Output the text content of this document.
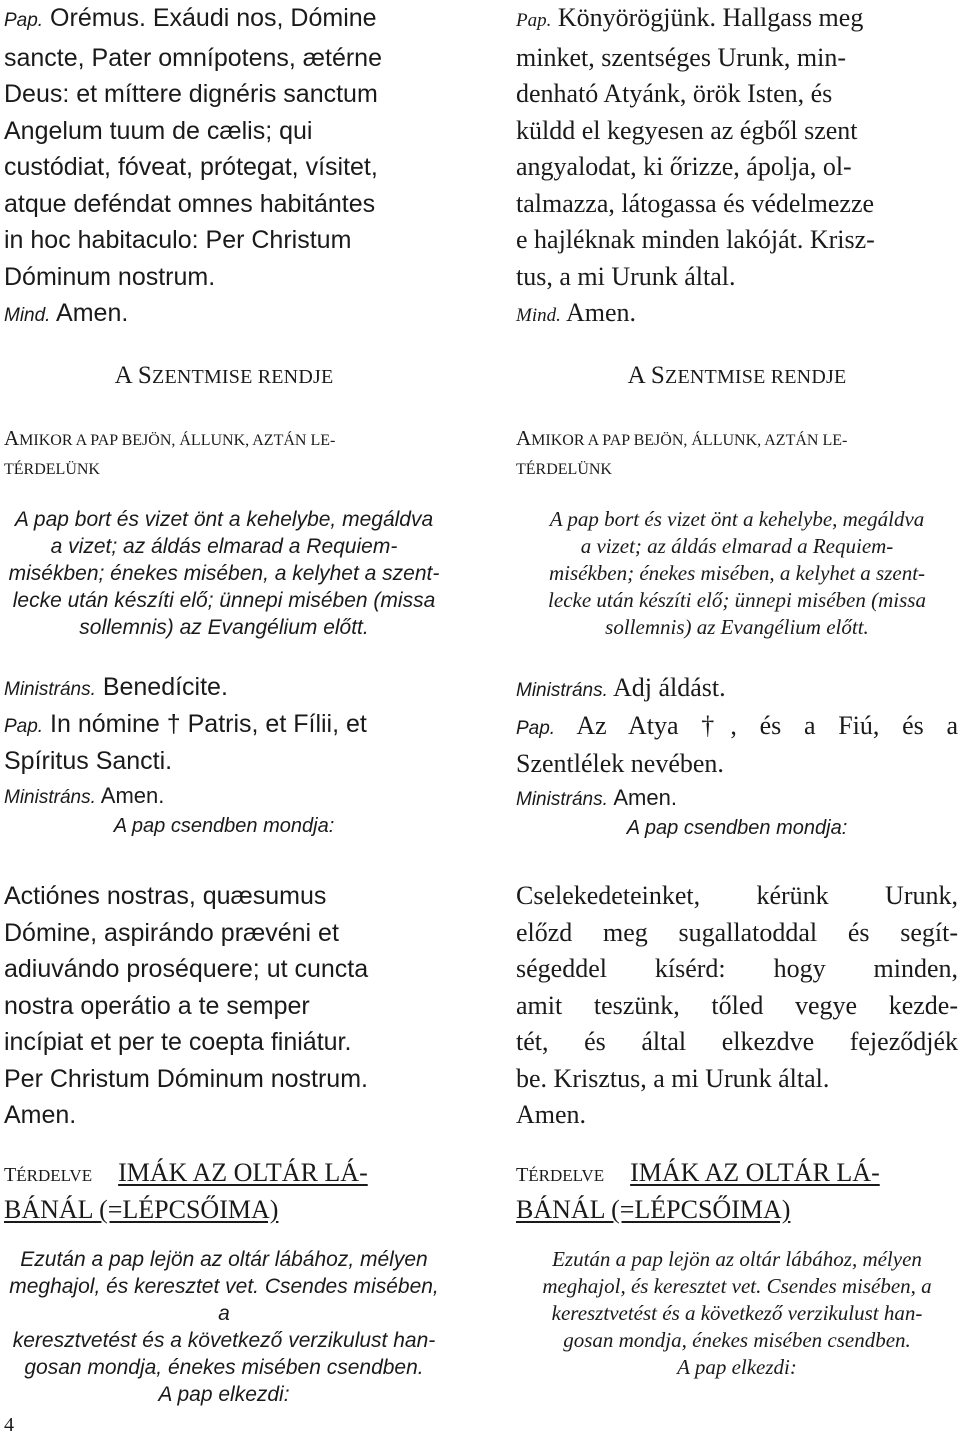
Pap. Orémus. Exáudi nos, Dómine

sancte, Pater omnípotens, ætérne

Deus: et míttere dignéris sanctum

Angelum tuum de cælis; qui

custódiat, fóveat, prótegat, vísitet,

atque deféndat omnes habitántes

in hoc habitaculo: Per Christum

Dóminum nostrum.

Mind. Amen.

A SZENTMISE RENDJE

AMIKOR A PAP BEJÖN, ÁLLUNK, AZTÁN LE-

TÉRDELÜNK

A pap bort és vizet önt a kehelybe, megáldva

a vizet; az áldás elmarad a Requiem-

misékben; énekes misében, a kelyhet a szent-

lecke után készíti elő; ünnepi misében (missa

sollemnis) az Evangélium előtt.

Ministráns. Benedícite.

Pap. In nómine † Patris, et Fílii, et

Spíritus Sancti.

Ministráns. Amen.

A pap csendben mondja:

Actiónes nostras, quæsumus

Dómine, aspirándo prævéni et

adiuvándo proséquere; ut cuncta

nostra operátio a te semper

incípiat et per te coepta finiátur.

Per Christum Dóminum nostrum.

Amen.

TÉRDELVE IMÁK AZ OLTÁR LÁ-

BÁNÁL (=LÉPCSŐIMA)

Ezután a pap lejön az oltár lábához, mélyen

meghajol, és keresztet vet. Csendes misében, a

keresztvetést és a következő verzikulust han-

gosan mondja, énekes misében csendben.

A pap elkezdi:

Pap. Könyörögjünk. Hallgass meg

minket, szentséges Urunk, min-

denható Atyánk, örök Isten, és

küldd el kegyesen az égből szent

angyalodat, ki őrizze, ápolja, ol-

talmazza, látogassa és védelmezze

e hajléknak minden lakóját. Krisz-

tus, a mi Urunk által.

Mind. Amen.

A SZENTMISE RENDJE

AMIKOR A PAP BEJÖN, ÁLLUNK, AZTÁN LE-

TÉRDELÜNK

A pap bort és vizet önt a kehelybe, megáldva

a vizet; az áldás elmarad a Requiem-

misékben; énekes misében, a kelyhet a szent-

lecke után készíti elő; ünnepi misében (missa

sollemnis) az Evangélium előtt.

Ministráns. Adj áldást.

Pap. Az Atya †, és a Fiú, és a

Szentlélek nevében.

Ministráns. Amen.

A pap csendben mondja:

Cselekedeteinket, kérünk Urunk,

előzd meg sugallatoddal és segít-

ségeddel kísérd: hogy minden,

amit teszünk, tőled vegye kezde-

tét, és által elkezdve fejeződjék

be. Krisztus, a mi Urunk által.

Amen.

TÉRDELVE IMÁK AZ OLTÁR LÁ-

BÁNÁL (=LÉPCSŐIMA)

Ezután a pap lejön az oltár lábához, mélyen

meghajol, és keresztet vet. Csendes misében, a

keresztvetést és a következő verzikulust han-

gosan mondja, énekes misében csendben.

A pap elkezdi:

4
